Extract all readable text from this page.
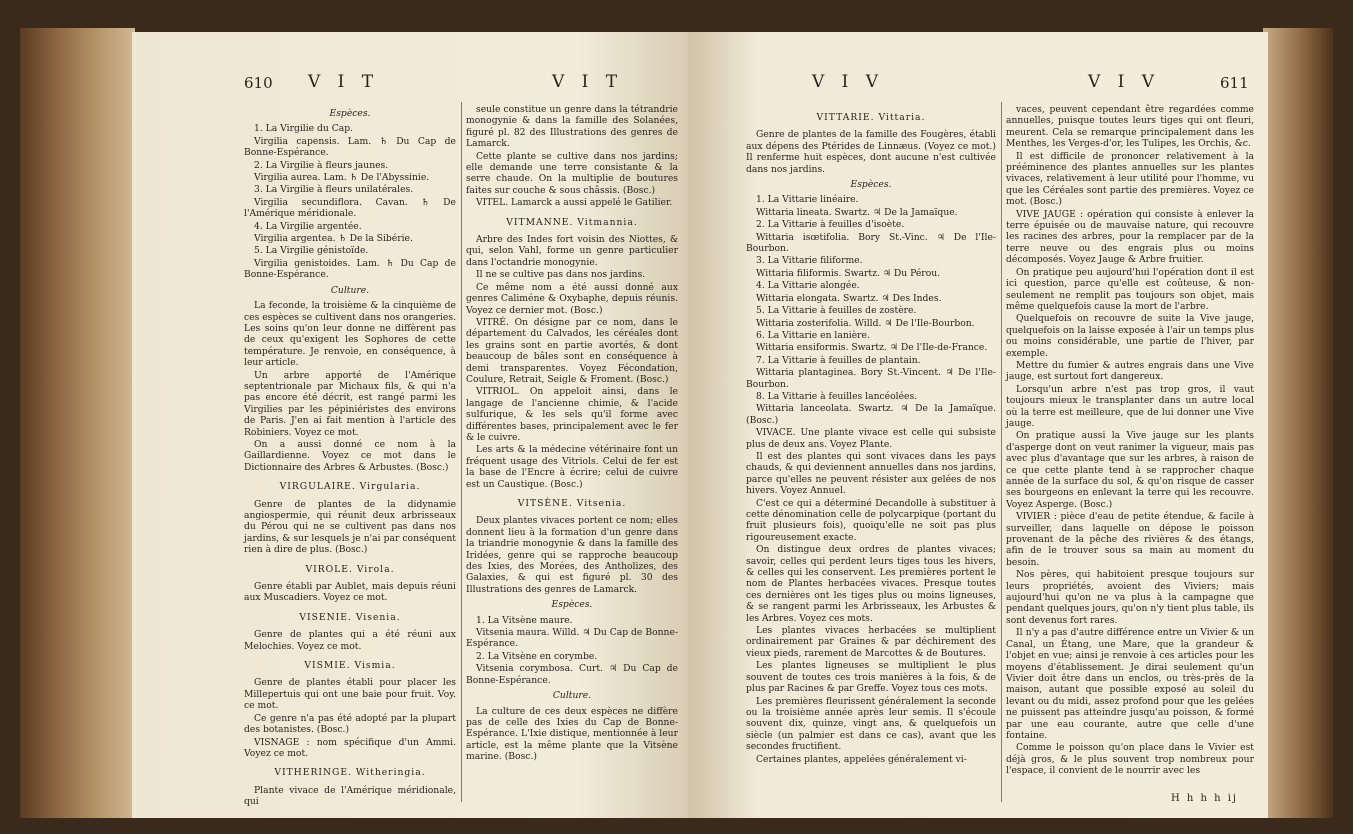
610 V I T	V I T

Espèces.

1. La Virgilie du Cap.

Virgilia capensis. Lam. ♄ Du Cap de Bonne-Espérance.

2. La Virgilie à fleurs jaunes.

Virgilia aurea. Lam. ♄ De l'Abyssinie.

3. La Virgilie à fleurs unilatérales.

Virgilia secundiflora. Cavan. ♄ De l'Amérique méridionale.

4. La Virgilie argentée.

Virgilia argentea. ♄ De la Sibérie.

5. La Virgilie génistoïde.

Virgilia genistoides. Lam. ♄ Du Cap de Bonne-Espérance.

Culture.

La feconde, la troisième & la cinquième de ces espèces se cultivent dans nos orangeries. Les soins qu'on leur donne ne diffèrent pas de ceux qu'exigent les Sophores de cette température. Je renvoie, en conséquence, à leur article.

Un arbre apporté de l'Amérique septentrionale par Michaux fils, & qui n'a pas encore été décrit, est rangé parmi les Virgilies par les pépiniéristes des environs de Paris. J'en ai fait mention à l'article des Robiniers. Voyez ce mot.

On a aussi donné ce nom à la Gaillardienne. Voyez ce mot dans le Dictionnaire des Arbres & Arbustes. (Bosc.)

VIRGULAIRE. Virgularia.

Genre de plantes de la didynamie angiospermie, qui réunit deux arbrisseaux du Pérou qui ne se cultivent pas dans nos jardins, & sur lesquels je n'ai par conséquent rien à dire de plus. (Bosc.)

VIROLE. Virola.

Genre établi par Aublet, mais depuis réuni aux Muscadiers. Voyez ce mot.

VISENIE. Visenia.

Genre de plantes qui a été réuni aux Melochies. Voyez ce mot.

VISMIE. Vismia.

Genre de plantes établi pour placer les Millepertuis qui ont une baie pour fruit. Voy. ce mot.

Ce genre n'a pas été adopté par la plupart des botanistes. (Bosc.)

VISNAGE : nom spécifique d'un Ammi. Voyez ce mot.

VITHERINGE. Witheringia.

Plante vivace de l'Amérique méridionale, qui

seule constitue un genre dans la tétrandrie monogynie & dans la famille des Solanées, figuré pl. 82 des Illustrations des genres de Lamarck.

Cette plante se cultive dans nos jardins; elle demande une terre consistante & la serre chaude. On la multiplie de boutures faites sur couche & sous châssis. (Bosc.)

VITEL. Lamarck a aussi appelé le Gatilier.

VITMANNE. Vitmannia.

Arbre des Indes fort voisin des Niottes, & qui, selon Vahl, forme un genre particulier dans l'octandrie monogynie.

Il ne se cultive pas dans nos jardins.

Ce même nom a été aussi donné aux genres Caliméne & Oxybaphe, depuis réunis. Voyez ce dernier mot. (Bosc.)

VITRÉ. On désigne par ce nom, dans le département du Calvados, les céréales dont les grains sont en partie avortés, & dont beaucoup de bâles sont en conséquence à demi transparentes. Voyez Fécondation, Coulure, Retrait, Seigle & Froment. (Bosc.)

VITRIOL. On appeloit ainsi, dans le langage de l'ancienne chimie, & l'acide sulfurique, & les sels qu'il forme avec différentes bases, principalement avec le fer & le cuivre.

Les arts & la médecine vétérinaire font un fréquent usage des Vitriols. Celui de fer est la base de l'Encre à écrire; celui de cuivre est un Caustique. (Bosc.)

VITSÈNE. Vitsenia.

Deux plantes vivaces portent ce nom; elles donnent lieu à la formation d'un genre dans la triandrie monogynie & dans la famille des Iridées, genre qui se rapproche beaucoup des Ixies, des Morées, des Antholizes, des Galaxies, & qui est figuré pl. 30 des Illustrations des genres de Lamarck.

Espèces.

1. La Vitsène maure.

Vitsenia maura. Willd. ♃ Du Cap de Bonne-Espérance.

2. La Vitsène en corymbe.

Vitsenia corymbosa. Curt. ♃ Du Cap de Bonne-Espérance.

Culture.

La culture de ces deux espèces ne diffère pas de celle des Ixies du Cap de Bonne-Espérance. L'Ixie distique, mentionnée à leur article, est la même plante que la Vitsène marine. (Bosc.)

V I V	V I V	611

VITTARIE. Vittaria.

Genre de plantes de la famille des Fougères, établi aux dépens des Ptérides de Linnæus. (Voyez ce mot.) Il renferme huit espèces, dont aucune n'est cultivée dans nos jardins.

Espèces.

1. La Vittarie linéaire.

Wittaria lineata. Swartz. ♃ De la Jamaïque.

2. La Vittarie à feuilles d'isoète.

Wittaria isœtifolia. Bory St.-Vinc. ♃ De l'Ile-Bourbon.

3. La Vittarie filiforme.

Wittaria filiformis. Swartz. ♃ Du Pérou.

4. La Vittarie alongée.

Wittaria elongata. Swartz. ♃ Des Indes.

5. La Vittarie à feuilles de zostère.

Wittaria zosterifolia. Willd. ♃ De l'Ile-Bourbon.

6. La Vittarie en lanière.

Wittaria ensiformis. Swartz. ♃ De l'Ile-de-France.

7. La Vittarie à feuilles de plantain.

Wittaria plantaginea. Bory St.-Vincent. ♃ De l'Ile-Bourbon.

8. La Vittarie à feuilles lancéolées.

Wittaria lanceolata. Swartz. ♃ De la Jamaïque. (Bosc.)

VIVACE. Une plante vivace est celle qui subsiste plus de deux ans. Voyez Plante.

Il est des plantes qui sont vivaces dans les pays chauds, & qui deviennent annuelles dans nos jardins, parce qu'elles ne peuvent résister aux gelées de nos hivers. Voyez Annuel.

C'est ce qui a déterminé Decandolle à substituer à cette dénomination celle de polycarpique (portant du fruit plusieurs fois), quoiqu'elle ne soit pas plus rigoureusement exacte.

On distingue deux ordres de plantes vivaces; savoir, celles qui perdent leurs tiges tous les hivers, & celles qui les conservent. Les premières portent le nom de Plantes herbacées vivaces. Presque toutes ces dernières ont les tiges plus ou moins ligneuses, & se rangent parmi les Arbrisseaux, les Arbustes & les Arbres. Voyez ces mots.

Les plantes vivaces herbacées se multiplient ordinairement par Graines & par déchirement des vieux pieds, rarement de Marcottes & de Boutures.

Les plantes ligneuses se multiplient le plus souvent de toutes ces trois manières à la fois, & de plus par Racines & par Greffe. Voyez tous ces mots.

Les premières fleurissent généralement la seconde ou la troisième année après leur semis. Il s'écoule souvent dix, quinze, vingt ans, & quelquefois un siècle (un palmier est dans ce cas), avant que les secondes fructifient.

Certaines plantes, appelées généralement vi-

vaces, peuvent cependant être regardées comme annuelles, puisque toutes leurs tiges qui ont fleuri, meurent. Cela se remarque principalement dans les Menthes, les Verges-d'or, les Tulipes, les Orchis, &c.

Il est difficile de prononcer relativement à la prééminence des plantes annuelles sur les plantes vivaces, relativement à leur utilité pour l'homme, vu que les Céréales sont partie des premières. Voyez ce mot. (Bosc.)

VIVE JAUGE : opération qui consiste à enlever la terre épuisée ou de mauvaise nature, qui recouvre les racines des arbres, pour la remplacer par de la terre neuve ou des engrais plus ou moins décomposés. Voyez Jauge & Arbre fruitier.

On pratique peu aujourd'hui l'opération dont il est ici question, parce qu'elle est coûteuse, & non-seulement ne remplit pas toujours son objet, mais même quelquefois cause la mort de l'arbre.

Quelquefois on recouvre de suite la Vive jauge, quelquefois on la laisse exposée à l'air un temps plus ou moins considérable, une partie de l'hiver, par exemple.

Mettre du fumier & autres engrais dans une Vive jauge, est surtout fort dangereux.

Lorsqu'un arbre n'est pas trop gros, il vaut toujours mieux le transplanter dans un autre local où la terre est meilleure, que de lui donner une Vive jauge.

On pratique aussi la Vive jauge sur les plants d'asperge dont on veut ranimer la vigueur, mais pas avec plus d'avantage que sur les arbres, à raison de ce que cette plante tend à se rapprocher chaque année de la surface du sol, & qu'on risque de casser ses bourgeons en enlevant la terre qui les recouvre. Voyez Asperge. (Bosc.)

VIVIER : pièce d'eau de petite étendue, & facile à surveiller, dans laquelle on dépose le poisson provenant de la pêche des rivières & des étangs, afin de le trouver sous sa main au moment du besoin.

Nos pères, qui habitoient presque toujours sur leurs propriétés, avoient des Viviers; mais aujourd'hui qu'on ne va plus à la campagne que pendant quelques jours, qu'on n'y tient plus table, ils sont devenus fort rares.

Il n'y a pas d'autre différence entre un Vivier & un Canal, un Étang, une Mare, que la grandeur & l'objet en vue; ainsi je renvoie à ces articles pour les moyens d'établissement. Je dirai seulement qu'un Vivier doit être dans un enclos, ou très-près de la maison, autant que possible exposé au soleil du levant ou du midi, assez profond pour que les gelées ne puissent pas atteindre jusqu'au poisson, & formé par une eau courante, autre que celle d'une fontaine.

Comme le poisson qu'on place dans le Vivier est déjà gros, & le plus souvent trop nombreux pour l'espace, il convient de le nourrir avec les

H h h h ij
